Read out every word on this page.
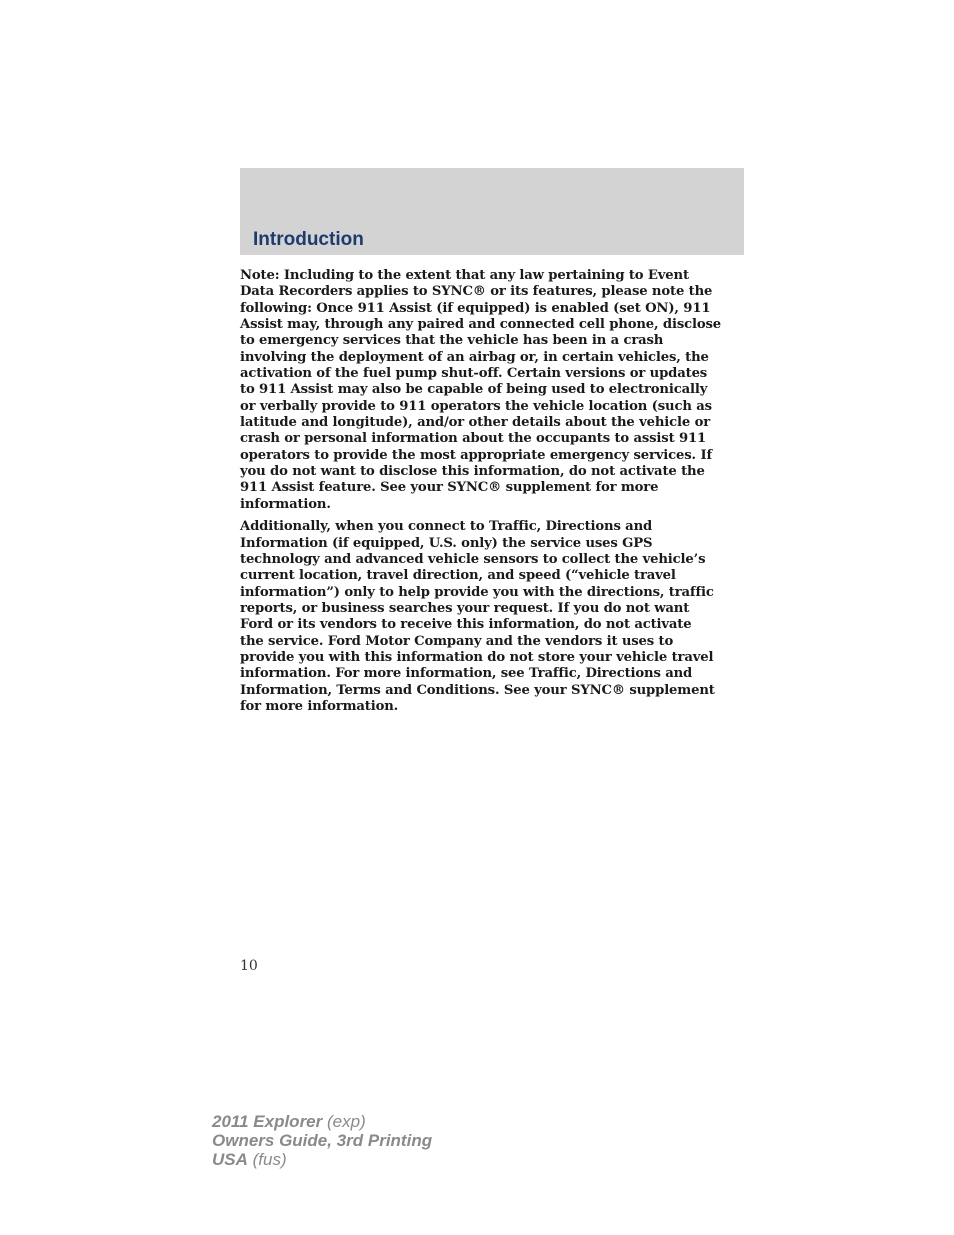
Introduction

Note: Including to the extent that any law pertaining to Event

Data Recorders applies to SYNC® or its features, please note the

following: Once 911 Assist (if equipped) is enabled (set ON), 911

Assist may, through any paired and connected cell phone, disclose

to emergency services that the vehicle has been in a crash

involving the deployment of an airbag or, in certain vehicles, the

activation of the fuel pump shut-off. Certain versions or updates

to 911 Assist may also be capable of being used to electronically

or verbally provide to 911 operators the vehicle location (such as

latitude and longitude), and/or other details about the vehicle or

crash or personal information about the occupants to assist 911

operators to provide the most appropriate emergency services. If

you do not want to disclose this information, do not activate the

911 Assist feature. See your SYNC® supplement for more

information.

Additionally, when you connect to Traffic, Directions and

Information (if equipped, U.S. only) the service uses GPS

technology and advanced vehicle sensors to collect the vehicle’s

current location, travel direction, and speed (“vehicle travel

information”) only to help provide you with the directions, traffic

reports, or business searches your request. If you do not want

Ford or its vendors to receive this information, do not activate

the service. Ford Motor Company and the vendors it uses to

provide you with this information do not store your vehicle travel

information. For more information, see Traffic, Directions and

Information, Terms and Conditions. See your SYNC® supplement

for more information.

10
2011 Explorer (exp)
Owners Guide, 3rd Printing
USA (fus)
